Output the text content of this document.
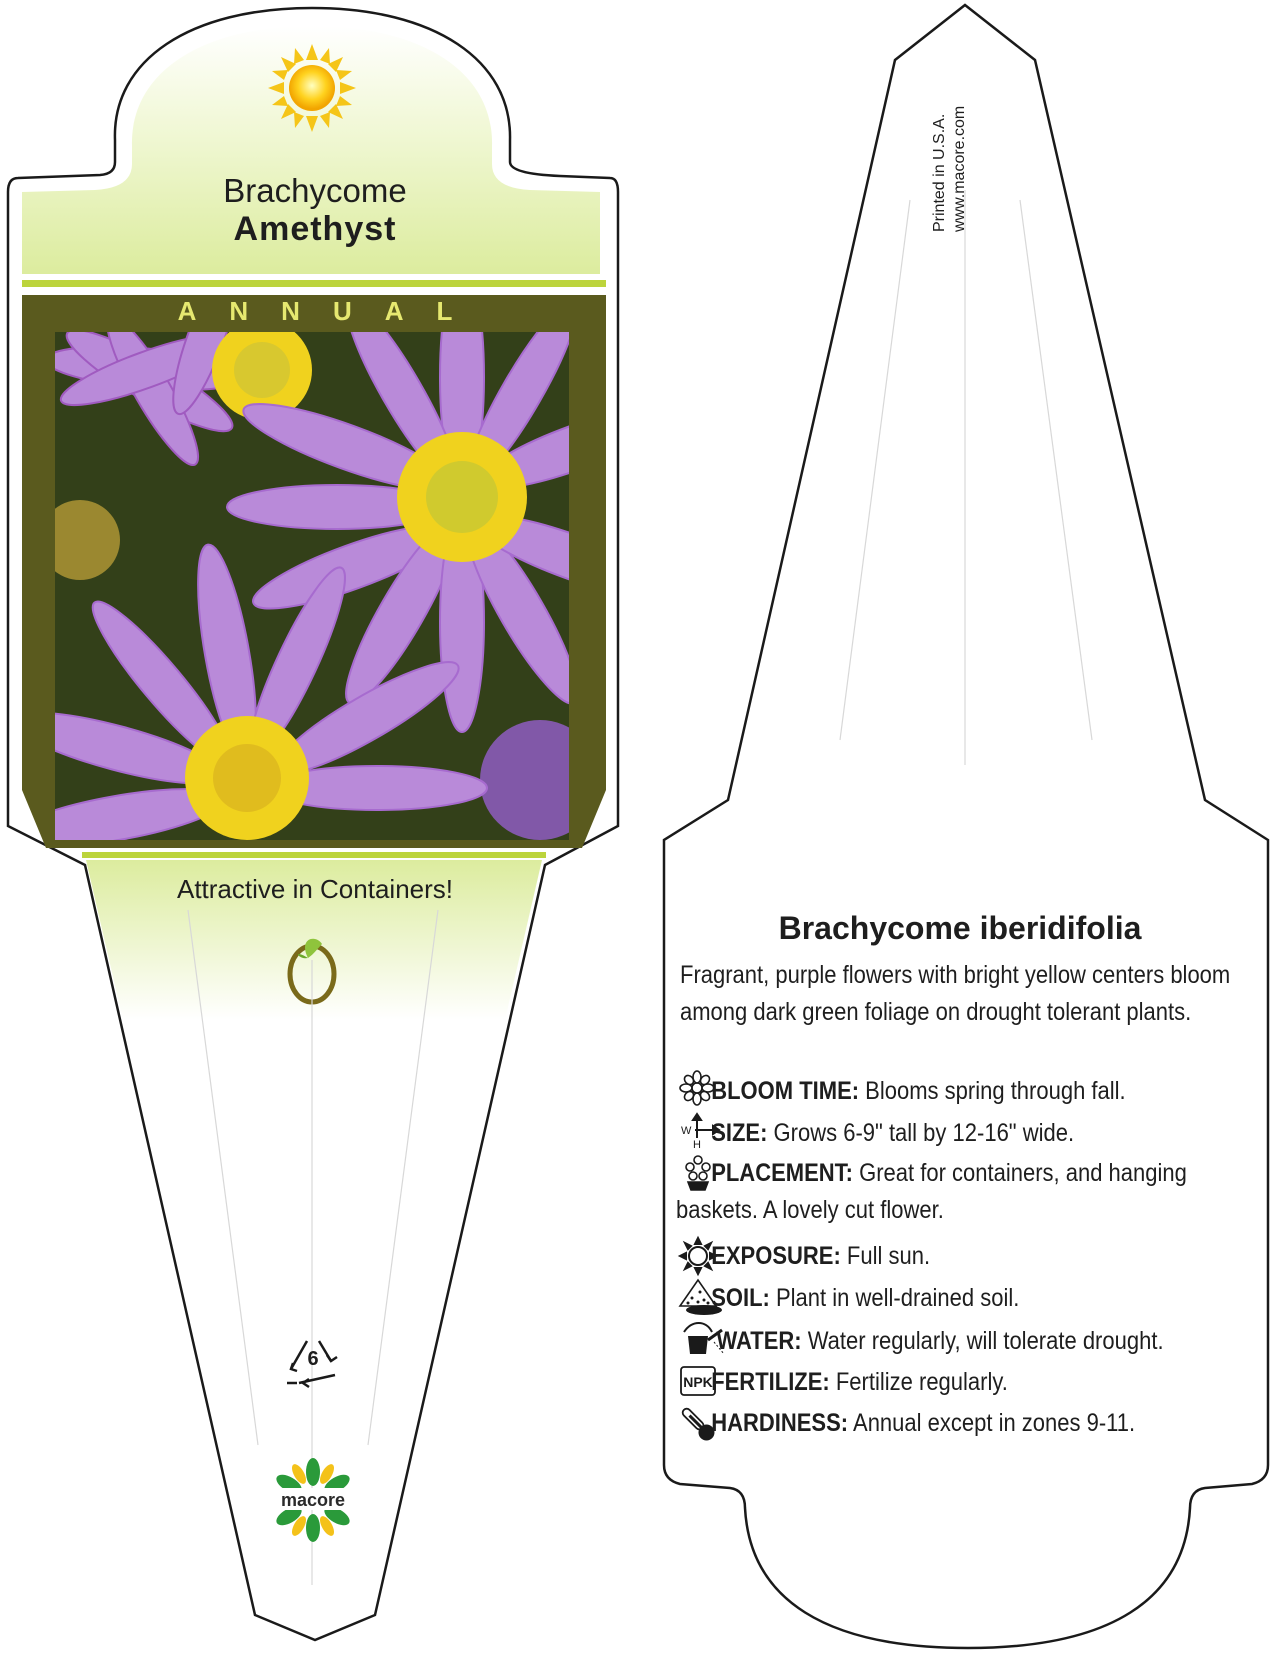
W
H
NPK
Brachycome
Amethyst
ANNUAL
Attractive in Containers!
6
macore
Printed in U.S.A. www.macore.com
Brachycome iberidifolia
Fragrant, purple flowers with bright yellow centers bloom among dark green foliage on drought tolerant plants.
BLOOM TIME: Blooms spring through fall.
SIZE: Grows 6-9" tall by 12-16" wide.
PLACEMENT: Great for containers, and hanging baskets. A lovely cut flower.
EXPOSURE: Full sun.
SOIL: Plant in well-drained soil.
WATER: Water regularly, will tolerate drought.
FERTILIZE: Fertilize regularly.
HARDINESS: Annual except in zones 9-11.
